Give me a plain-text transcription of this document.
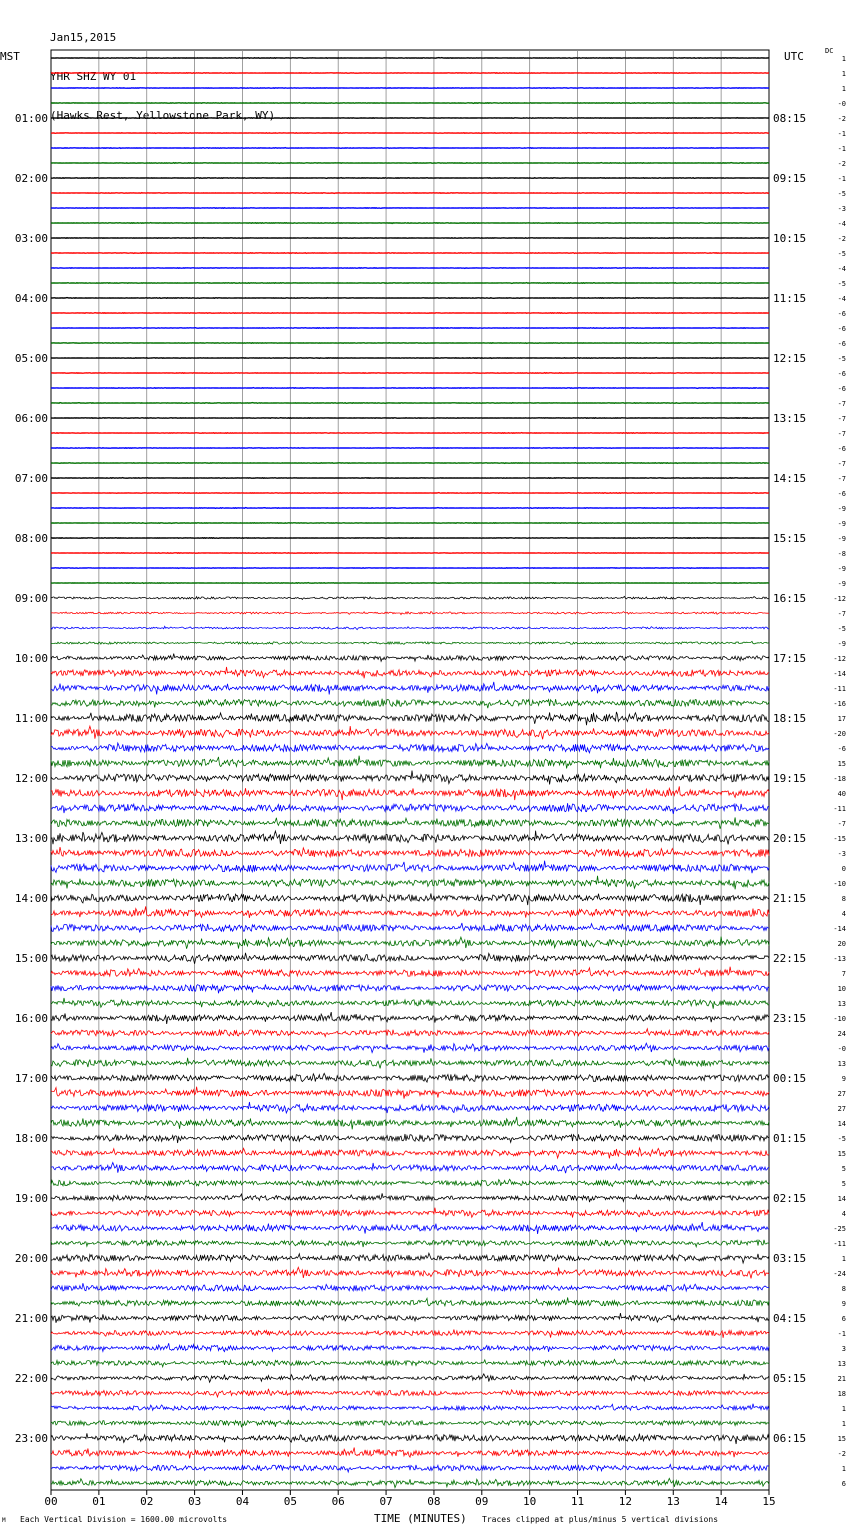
Jan15,2015

YHR SHZ WY 01

(Hawks Rest, Yellowstone Park, WY)

MST	UTC	DC
1
1
1
-0
-2
-1
-1
-2
-1
-5
-3
-4
-2
-5
-4
-5
-4
-6
-6
-6
-5
-6
-6
-7
-7
-7
-6
-7
-7
-6
-9
-9
-9
-8
-9
-9
-12
-7
-5
-9
-12
-14
-11
-16
17
-20
-6
15
-18
40
-11
-7
-15
-3
0
-10
8
4
-14
20
-13
7
10
13
-10
24
-0
13
9
27
27
14
-5
15
5
5
14
4
-25
-11
1
-24
8
9
6
-1
3
13
21
18
1
1
15
-2
1
6
01:00
02:00
03:00
04:00
05:00
06:00
07:00
08:00
09:00
10:00
11:00
12:00
13:00
14:00
15:00
16:00
17:00
18:00
19:00
20:00
21:00
22:00
23:00
08:15
09:15
10:15
11:15
12:15
13:15
14:15
15:15
16:15
17:15
18:15
19:15
20:15
21:15
22:15
23:15
00:15
01:15
02:15
03:15
04:15
05:15
06:15
00	01	02	03	04	05	06	07	08	09	10	11	12	13	14	15
M Each Vertical Division = 1600.00 microvolts	TIME (MINUTES) Traces clipped at plus/minus 5 vertical divisions
